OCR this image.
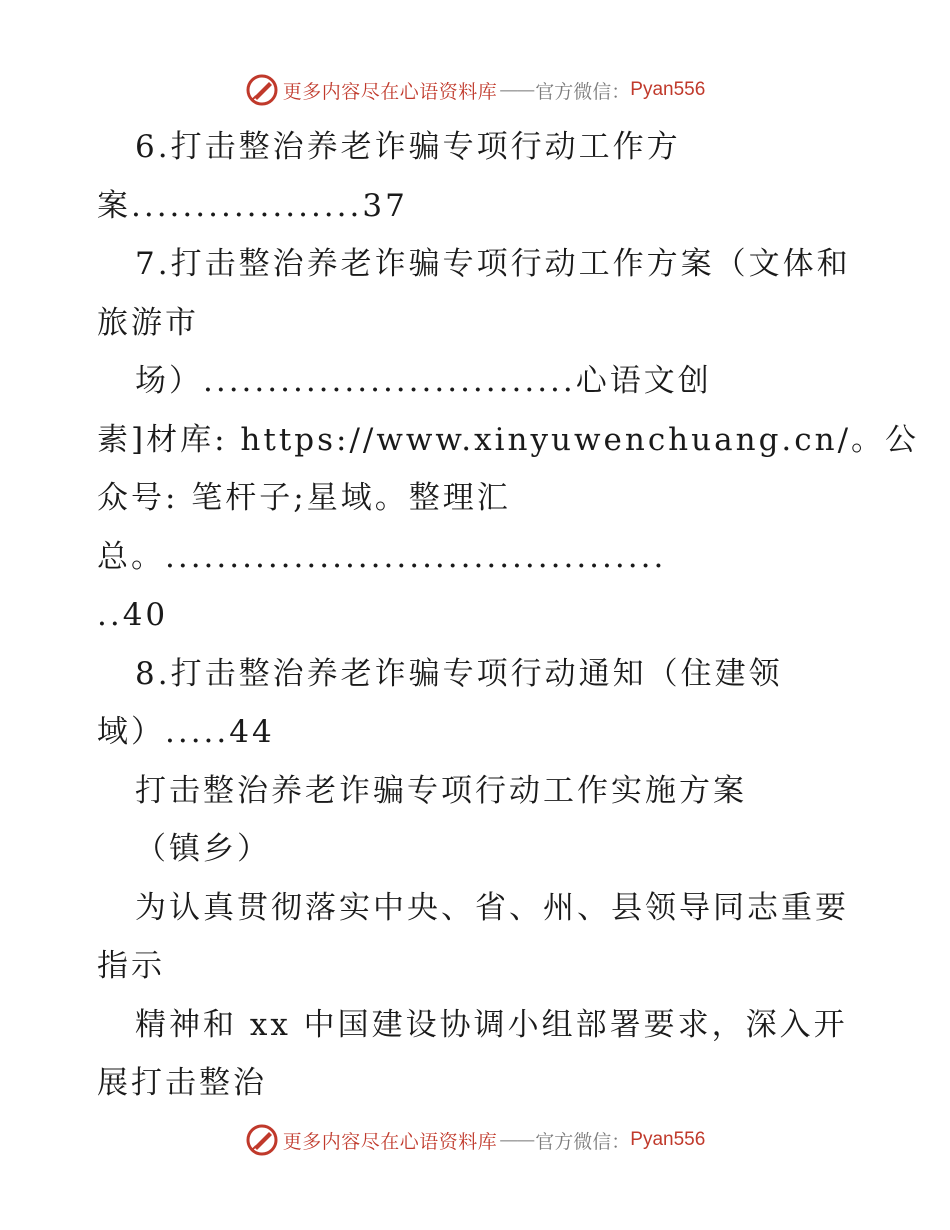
更多内容尽在心语资料库 —— 官方微信 ： Pyan556
6.打击整治养老诈骗专项行动工作方
案..................37
7.打击整治养老诈骗专项行动工作方案（文体和
旅游市
场）.............................心语文创
素]材库: https://www.xinyuwenchuang.cn/。公
众号: 笔杆子;星域。整理汇
总。.......................................
..40
8.打击整治养老诈骗专项行动通知（住建领
域）.....44
打击整治养老诈骗专项行动工作实施方案
（镇乡）
为认真贯彻落实中央、省、州、县领导同志重要
指示
精神和 xx 中国建设协调小组部署要求，深入开
展打击整治
更多内容尽在心语资料库 —— 官方微信 ： Pyan556
